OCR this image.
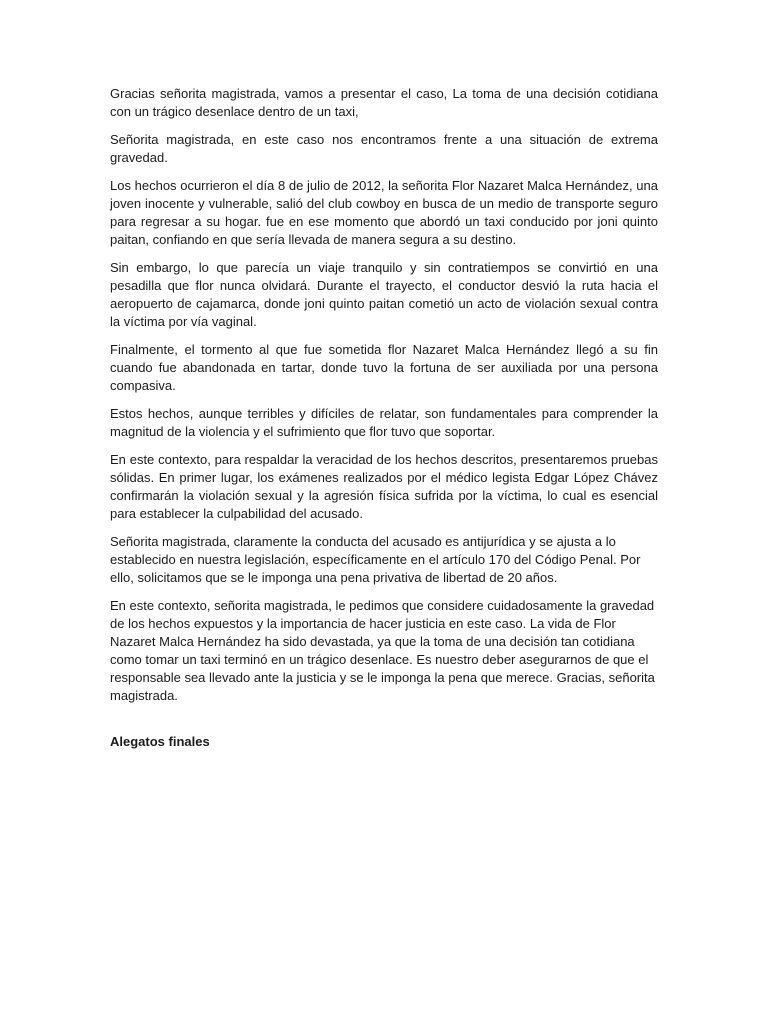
Gracias señorita magistrada, vamos a presentar el caso, La toma de una decisión cotidiana con un trágico desenlace dentro de un taxi,

Señorita magistrada, en este caso nos encontramos frente a una situación de extrema gravedad.

Los hechos ocurrieron el día 8 de julio de 2012, la señorita Flor Nazaret Malca Hernández, una joven inocente y vulnerable, salió del club cowboy en busca de un medio de transporte seguro para regresar a su hogar. fue en ese momento que abordó un taxi conducido por joni quinto paitan, confiando en que sería llevada de manera segura a su destino.

Sin embargo, lo que parecía un viaje tranquilo y sin contratiempos se convirtió en una pesadilla que flor nunca olvidará. Durante el trayecto, el conductor desvió la ruta hacia el aeropuerto de cajamarca, donde joni quinto paitan cometió un acto de violación sexual contra la víctima por vía vaginal.

Finalmente, el tormento al que fue sometida flor Nazaret Malca Hernández llegó a su fin cuando fue abandonada en tartar, donde tuvo la fortuna de ser auxiliada por una persona compasiva.

Estos hechos, aunque terribles y difíciles de relatar, son fundamentales para comprender la magnitud de la violencia y el sufrimiento que flor tuvo que soportar.

En este contexto, para respaldar la veracidad de los hechos descritos, presentaremos pruebas sólidas. En primer lugar, los exámenes realizados por el médico legista Edgar López Chávez confirmarán la violación sexual y la agresión física sufrida por la víctima, lo cual es esencial para establecer la culpabilidad del acusado.

Señorita magistrada, claramente la conducta del acusado es antijurídica y se ajusta a lo establecido en nuestra legislación, específicamente en el artículo 170 del Código Penal. Por ello, solicitamos que se le imponga una pena privativa de libertad de 20 años.

En este contexto, señorita magistrada, le pedimos que considere cuidadosamente la gravedad de los hechos expuestos y la importancia de hacer justicia en este caso. La vida de Flor Nazaret Malca Hernández ha sido devastada, ya que la toma de una decisión tan cotidiana como tomar un taxi terminó en un trágico desenlace. Es nuestro deber asegurarnos de que el responsable sea llevado ante la justicia y se le imponga la pena que merece. Gracias, señorita magistrada.

Alegatos finales
